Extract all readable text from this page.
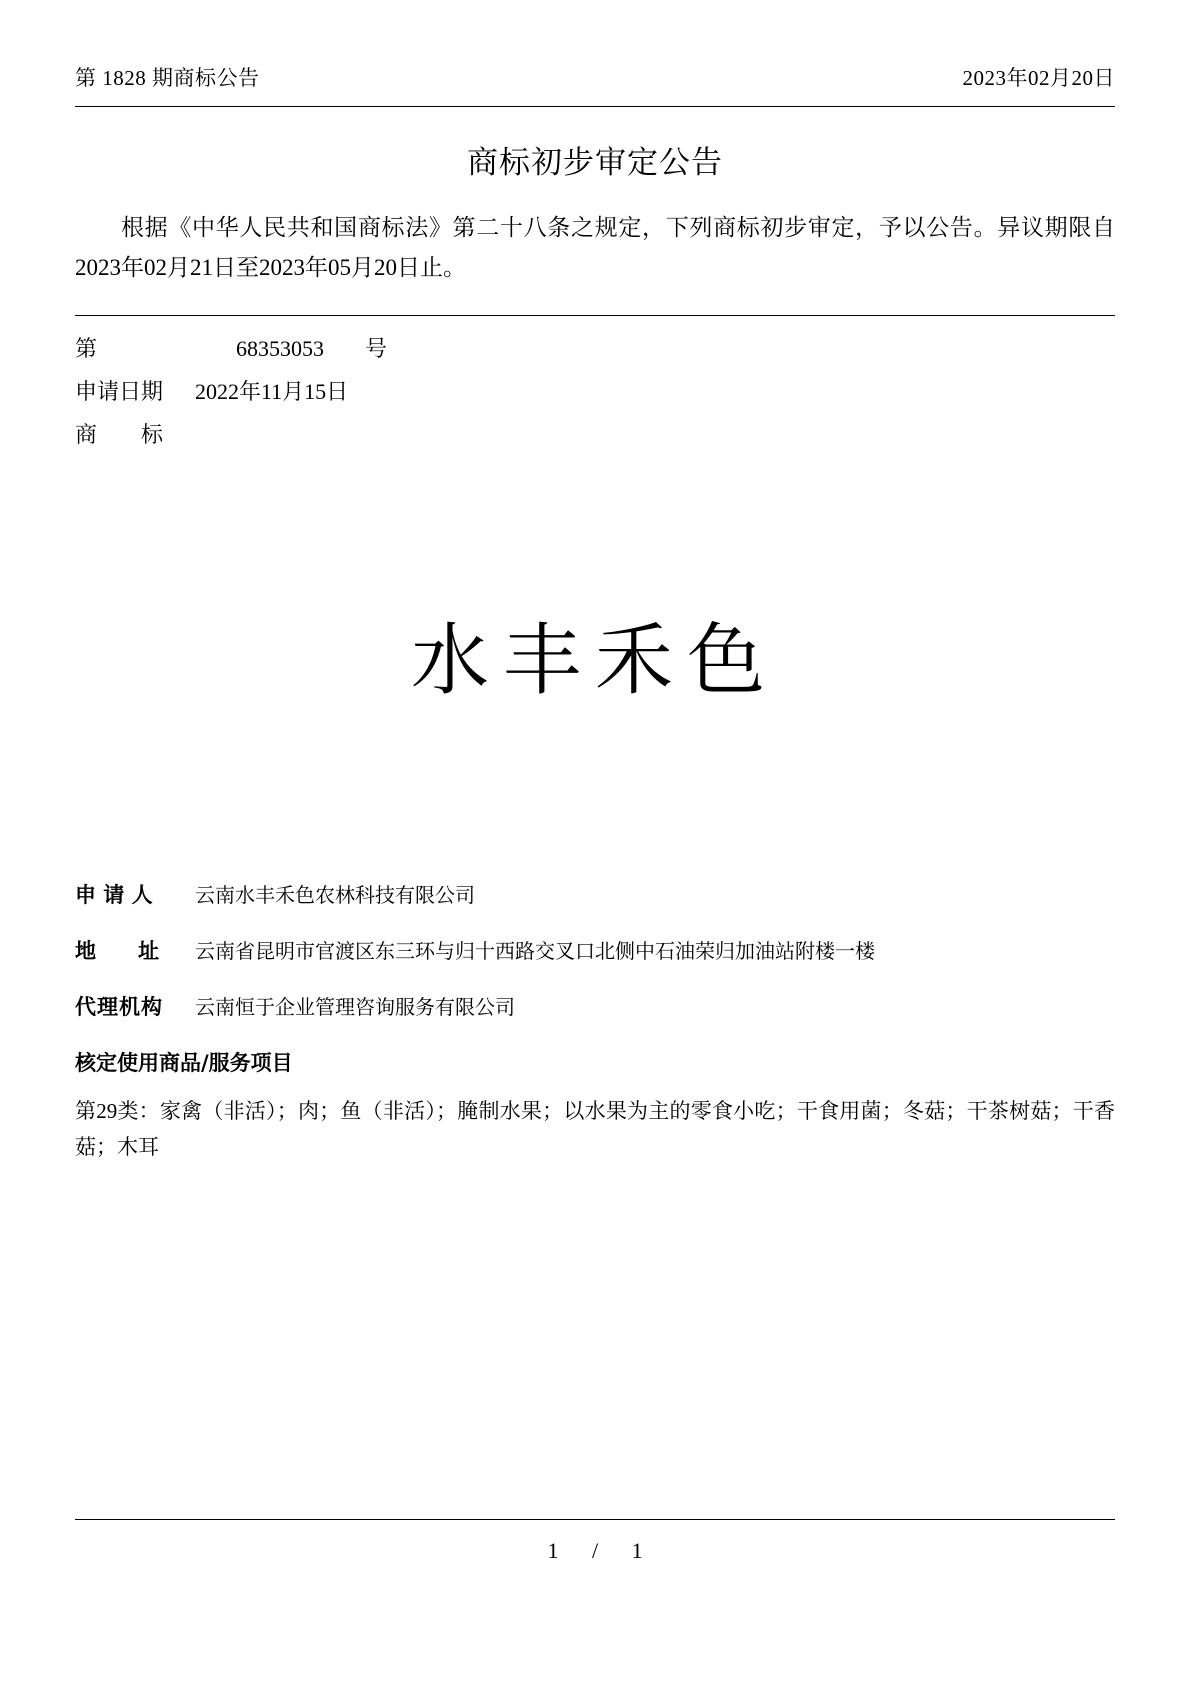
第 1828 期商标公告	2023年02月20日
商标初步审定公告

根据《中华人民共和国商标法》第二十八条之规定，下列商标初步审定，予以公告。异议期限自2023年02月21日至2023年05月20日止。

第	68353053	号
申请日期	2022年11月15日
商　　标
水丰禾色
申 请 人	云南水丰禾色农林科技有限公司
地　　址	云南省昆明市官渡区东三环与归十西路交叉口北侧中石油荣归加油站附楼一楼
代理机构	云南恒于企业管理咨询服务有限公司
核定使用商品/服务项目
第29类：家禽（非活）；肉；鱼（非活）；腌制水果；以水果为主的零食小吃；干食用菌；冬菇；干茶树菇；干香菇；木耳
1 / 1
